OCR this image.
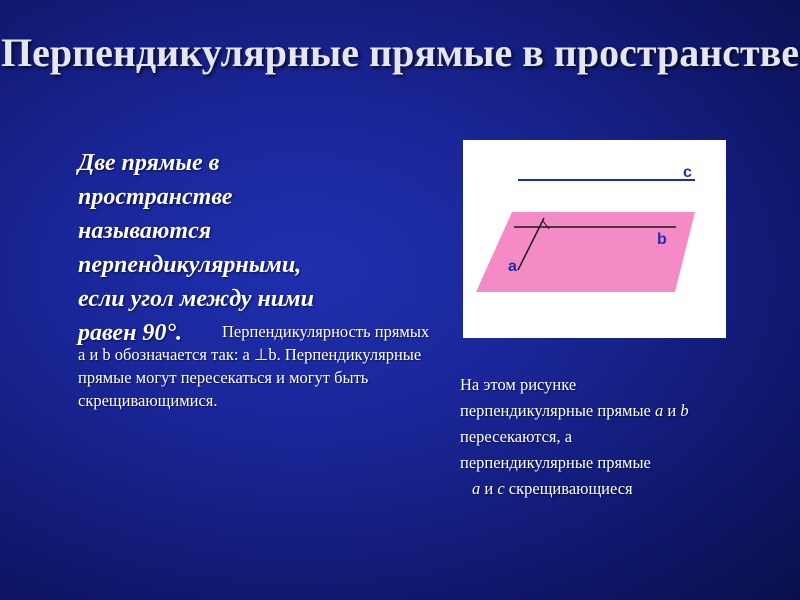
Перпендикулярные прямые в пространстве
Две прямые в
пространстве
называются
перпендикулярными,
если угол между ними
равен 90°.	Перпендикулярность прямых a и b обозначается так: a ⊥b. Перпендикулярные прямые могут пересекаться и могут быть скрещивающимися.
c
b
a
На этом рисунке
перпендикулярные прямые a и b
пересекаются, а
перпендикулярные прямые
a и c скрещивающиеся
